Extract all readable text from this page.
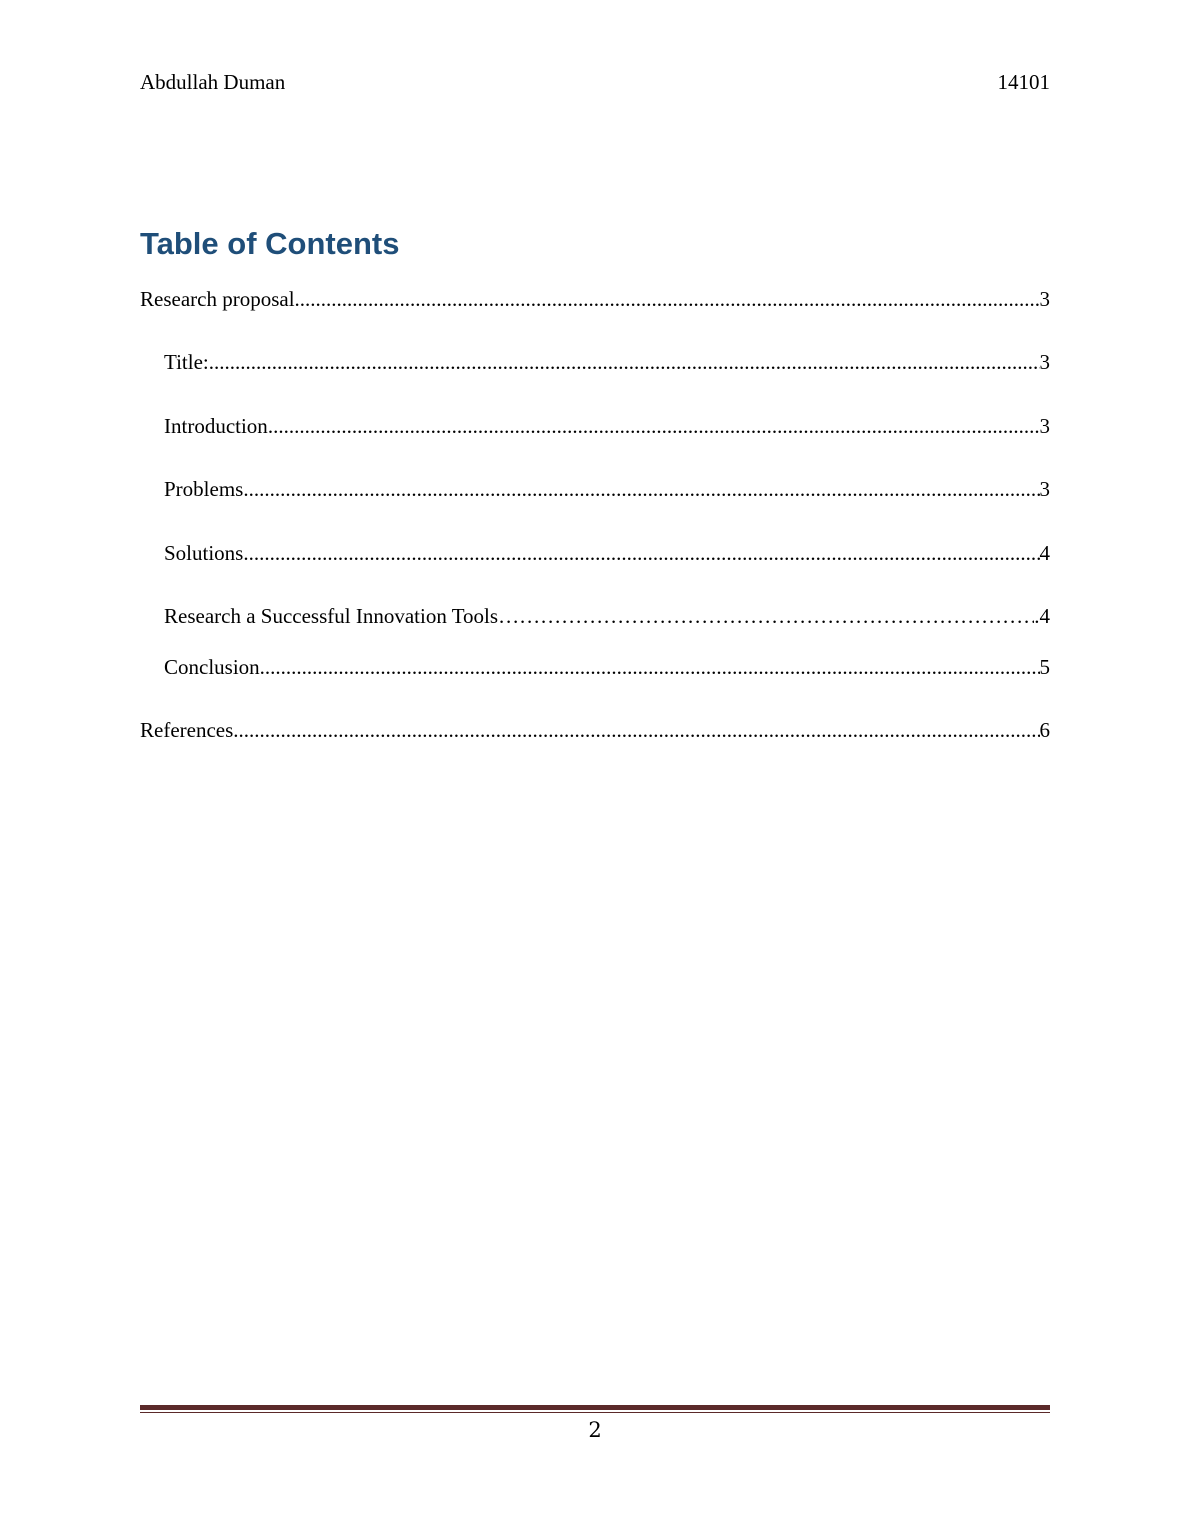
Abdullah Duman	14101
Table of Contents
Research proposal .....	3
Title: .....	3
Introduction .....	3
Problems .....	3
Solutions .....	4
Research a Successful Innovation Tools ………………………………………………………………………………………………………………………………………………………………	.4
Conclusion .....	5
References .....	6
2
